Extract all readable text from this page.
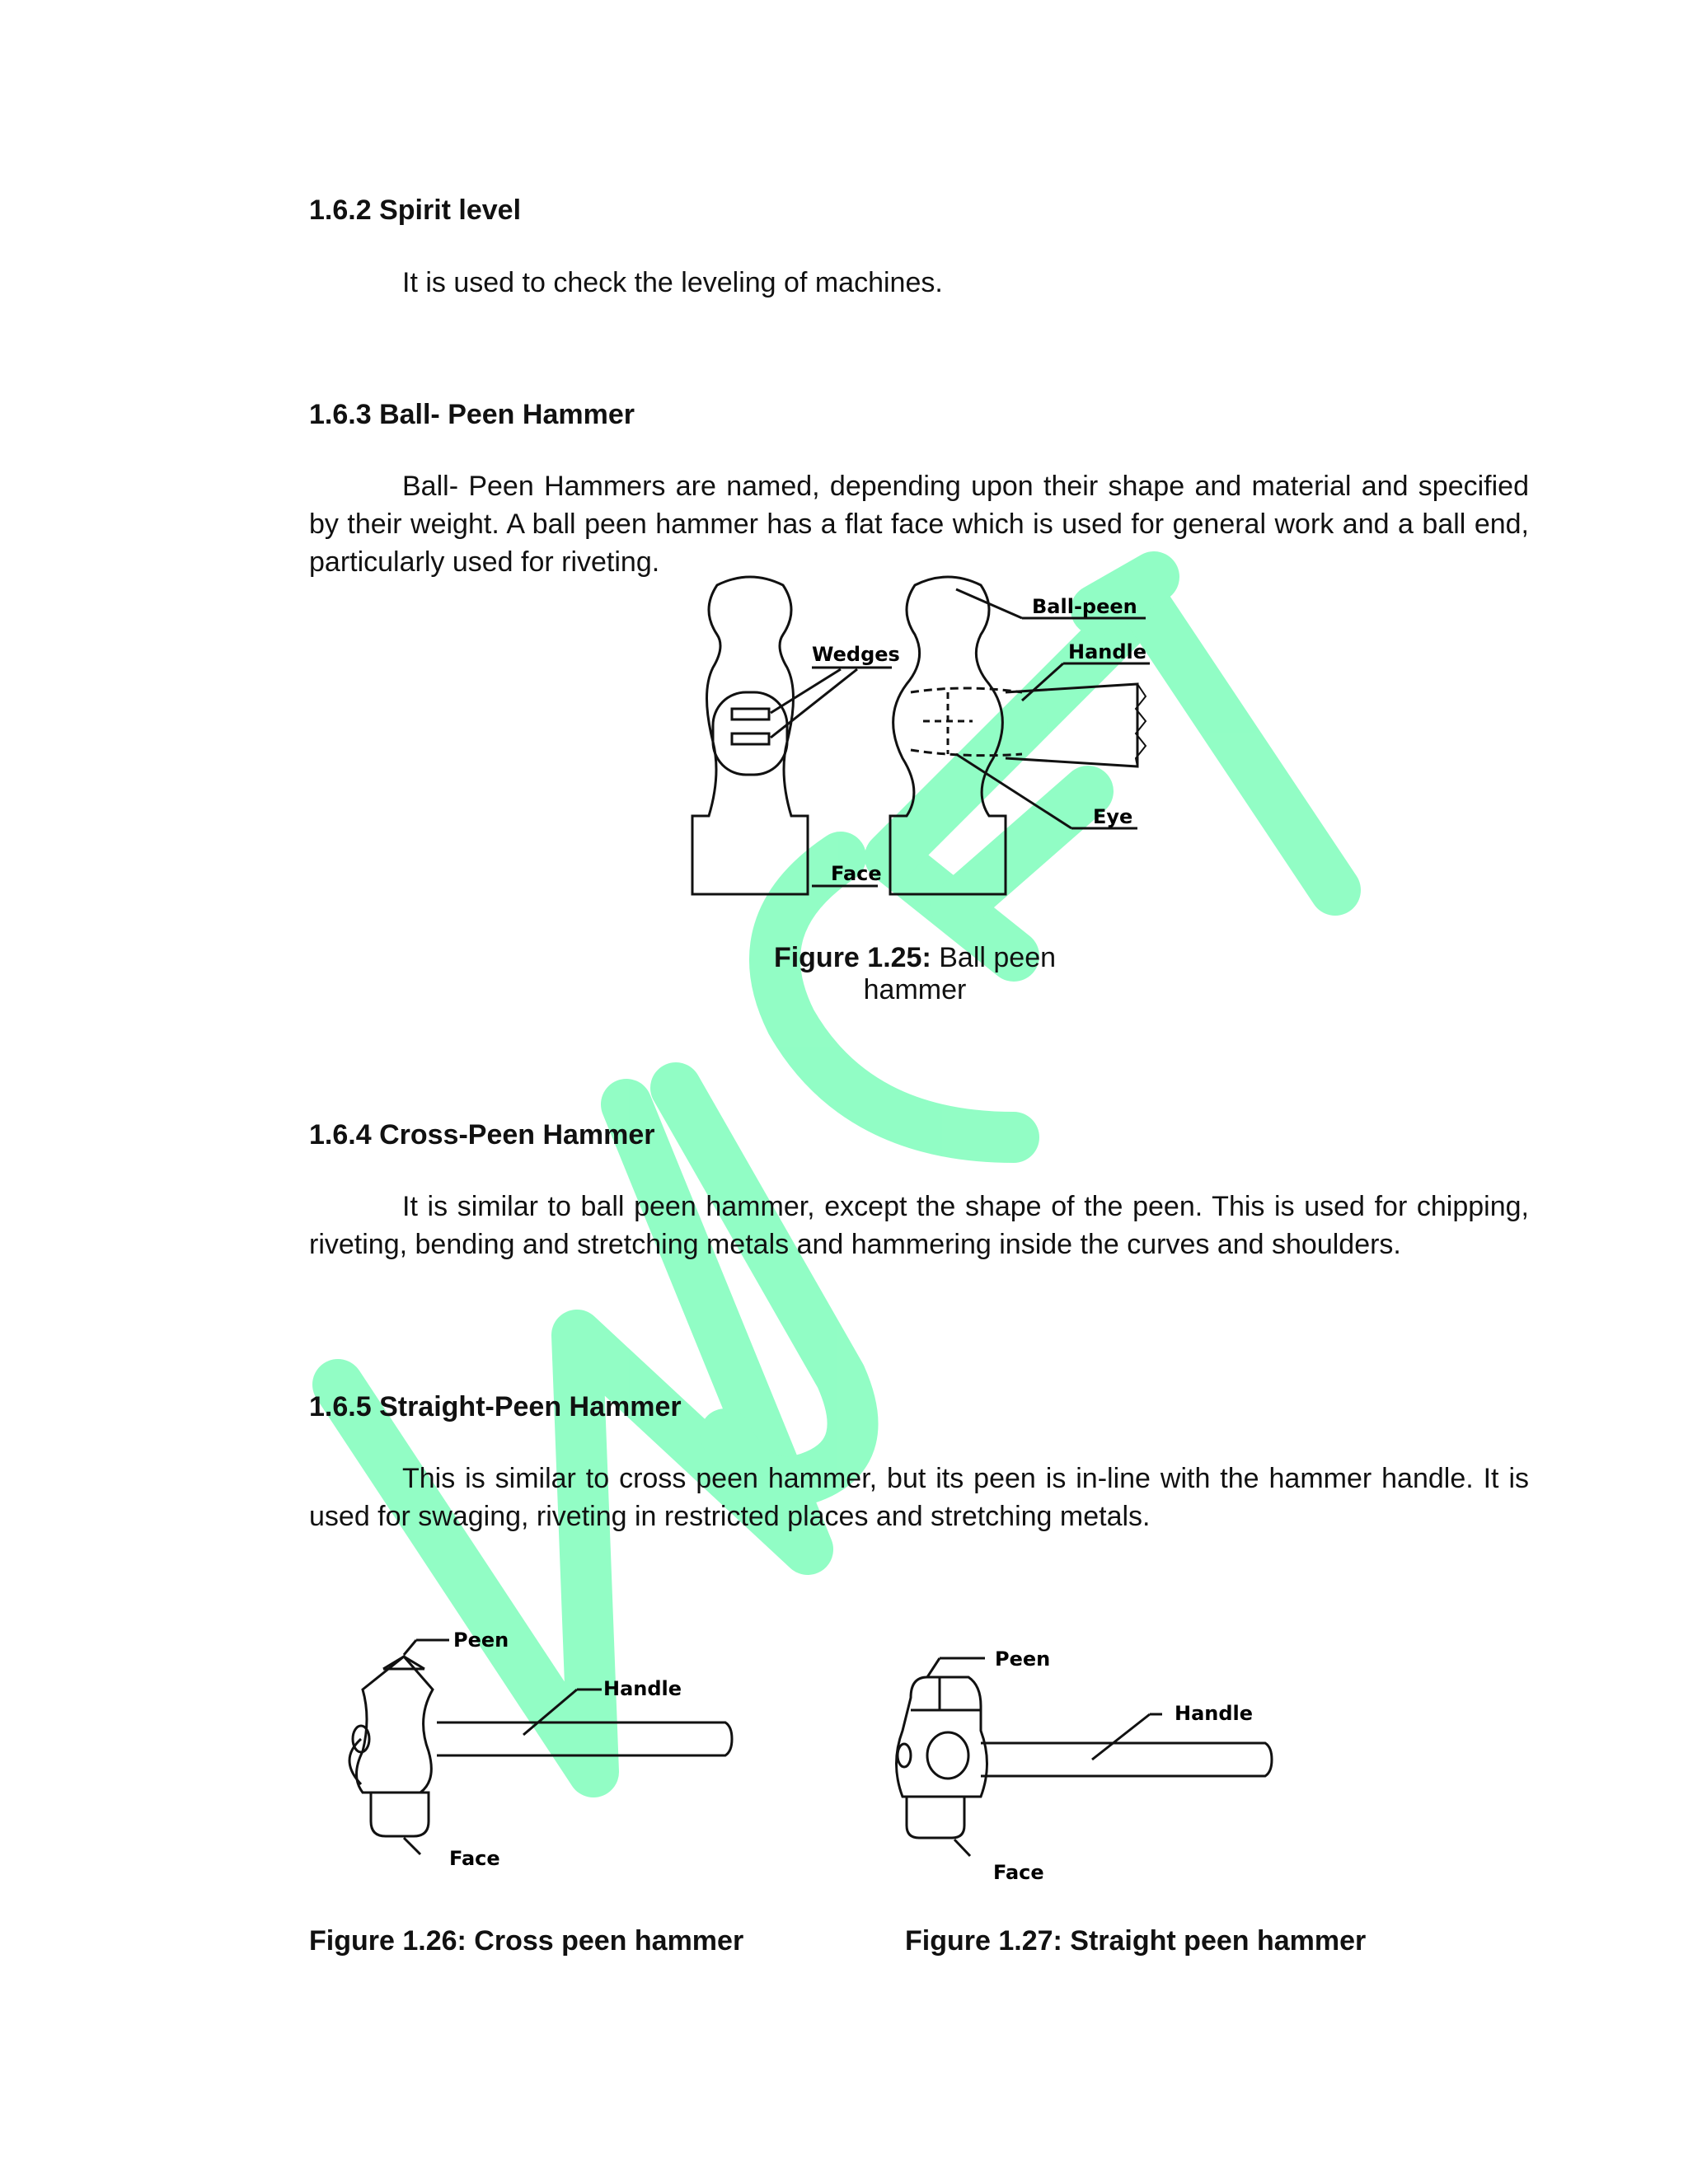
1.6.2 Spirit level

It is used to check the leveling of machines.

1.6.3 Ball- Peen Hammer

Ball- Peen Hammers are named, depending upon their shape and material and specified by their weight. A ball peen hammer has a flat face which is used for general work and a ball end, particularly used for riveting.

Ball-peen
Handle
Wedges
Eye
Face
Figure 1.25: Ball peen
hammer
1.6.4 Cross-Peen Hammer

It is similar to ball peen hammer, except the shape of the peen. This is used for chipping, riveting, bending and stretching metals and hammering inside the curves and shoulders.

1.6.5 Straight-Peen Hammer

This is similar to cross peen hammer, but its peen is in-line with the hammer handle. It is used for swaging, riveting in restricted places and stretching metals.

Peen
Handle
Face
Peen
Handle
Face
Figure 1.26: Cross peen hammer	Figure 1.27: Straight peen hammer
